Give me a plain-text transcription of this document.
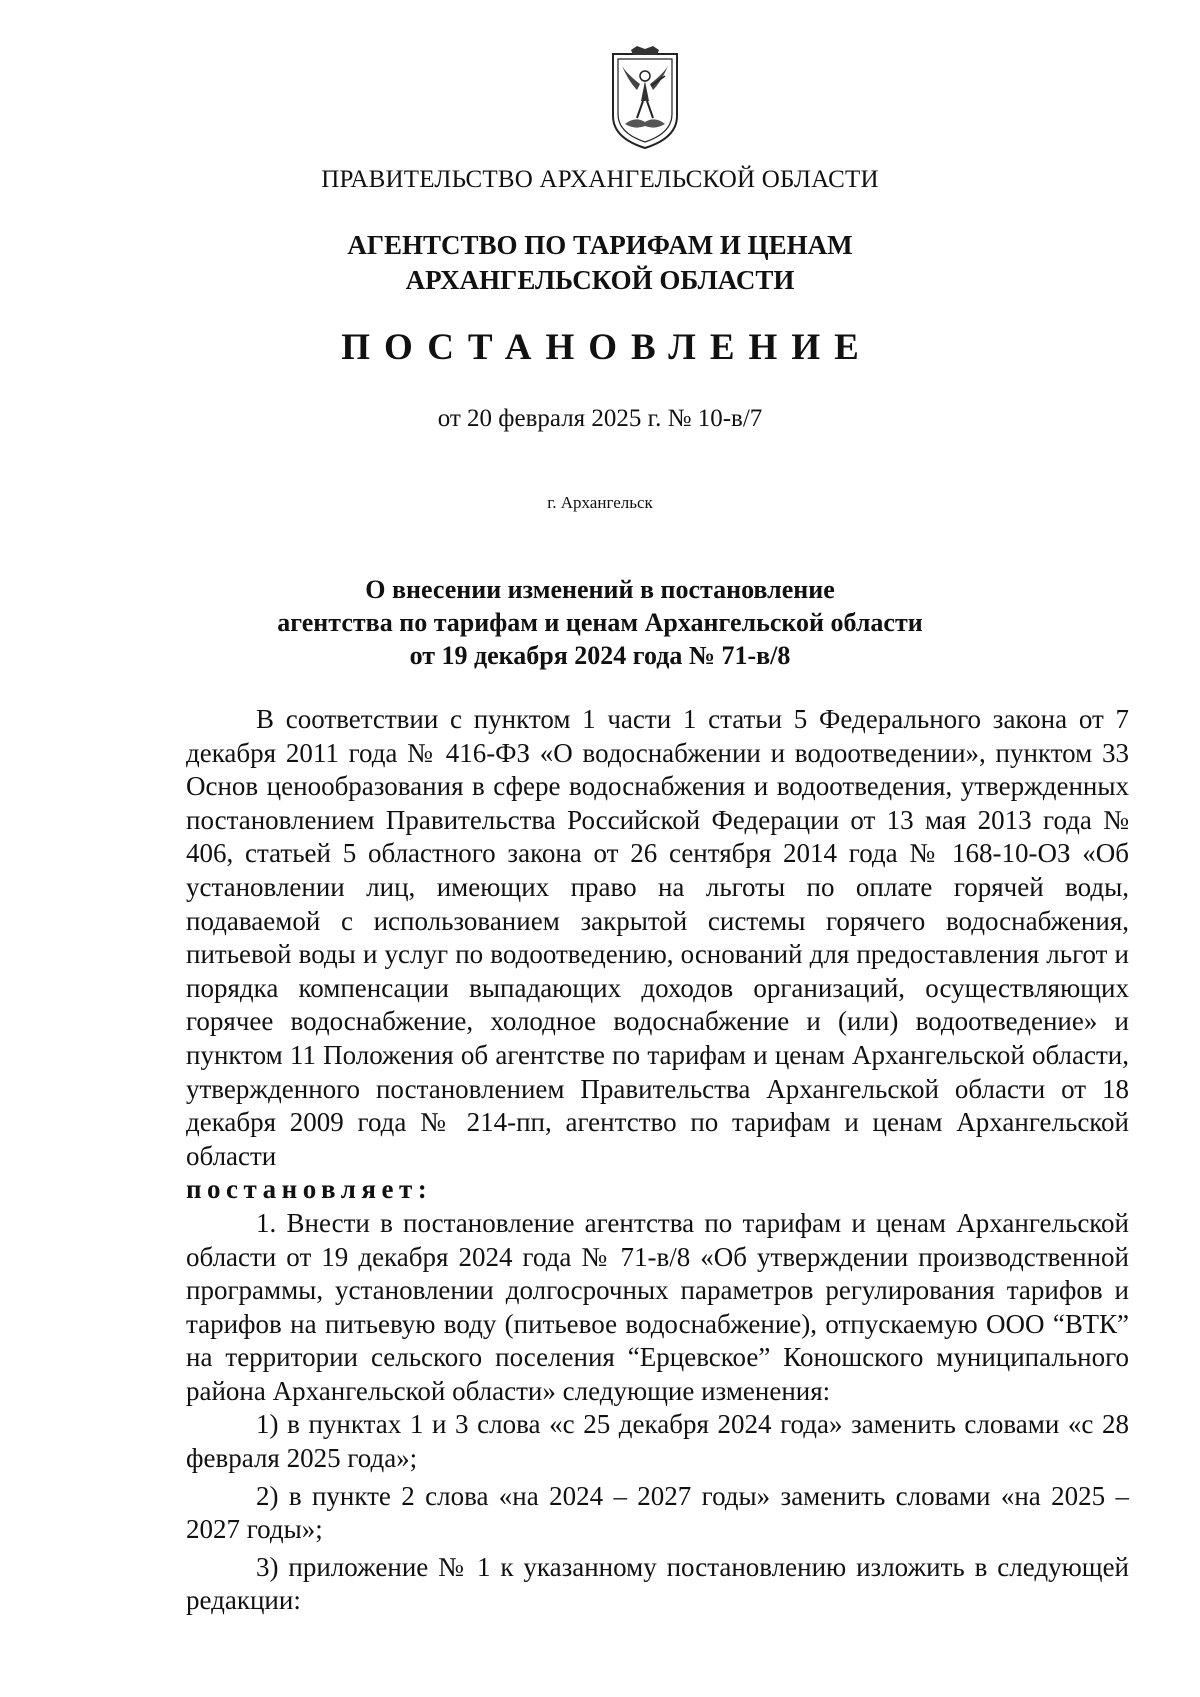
ПРАВИТЕЛЬСТВО АРХАНГЕЛЬСКОЙ ОБЛАСТИ
АГЕНТСТВО ПО ТАРИФАМ И ЦЕНАМ
АРХАНГЕЛЬСКОЙ ОБЛАСТИ
ПОСТАНОВЛЕНИЕ
от 20 февраля 2025 г. № 10-в/7
г. Архангельск
О внесении изменений в постановление
агентства по тарифам и ценам Архангельской области
от 19 декабря 2024 года № 71-в/8

В соответствии с пунктом 1 части 1 статьи 5 Федерального закона от 7 декабря 2011 года № 416-ФЗ «О водоснабжении и водоотведении», пунктом 33 Основ ценообразования в сфере водоснабжения и водоотведения, утвержденных постановлением Правительства Российской Федерации от 13 мая 2013 года № 406, статьей 5 областного закона от 26 сентября 2014 года № 168-10-ОЗ «Об установлении лиц, имеющих право на льготы по оплате горячей воды, подаваемой с использованием закрытой системы горячего водоснабжения, питьевой воды и услуг по водоотведению, оснований для предоставления льгот и порядка компенсации выпадающих доходов организаций, осуществляющих горячее водоснабжение, холодное водоснабжение и (или) водоотведение» и пунктом 11 Положения об агентстве по тарифам и ценам Архангельской области, утвержденного постановлением Правительства Архангельской области от 18 декабря 2009 года № 214-пп, агентство по тарифам и ценам Архангельской области

постановляет:

1. Внести в постановление агентства по тарифам и ценам Архангельской области от 19 декабря 2024 года № 71-в/8 «Об утверждении производственной программы, установлении долгосрочных параметров регулирования тарифов и тарифов на питьевую воду (питьевое водоснабжение), отпускаемую ООО “ВТК” на территории сельского поселения “Ерцевское” Коношского муниципального района Архангельской области» следующие изменения:

1) в пунктах 1 и 3 слова «с 25 декабря 2024 года» заменить словами «с 28 февраля 2025 года»;

2) в пункте 2 слова «на 2024 – 2027 годы» заменить словами «на 2025 – 2027 годы»;

3) приложение № 1 к указанному постановлению изложить в следующей редакции:
